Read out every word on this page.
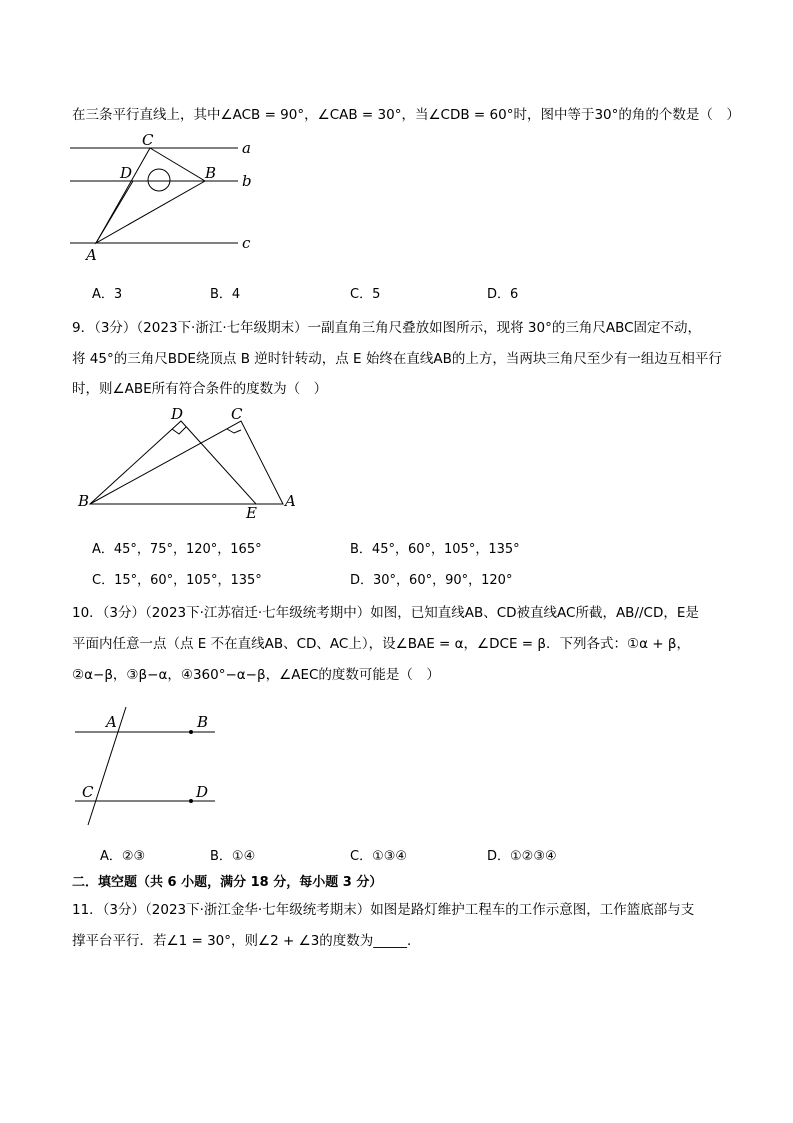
在三条平行直线上，其中∠ACB = 90°，∠CAB = 30°，当∠CDB = 60°时，图中等于30°的角的个数是（　）
C
D	B
A
a
b
c
A．3	B．4	C．5	D．6
9．（3分）（2023下·浙江·七年级期末）一副直角三角尺叠放如图所示，现将 30°的三角尺ABC固定不动，
将 45°的三角尺BDE绕顶点 B 逆时针转动，点 E 始终在直线AB的上方，当两块三角尺至少有一组边互相平行
时，则∠ABE所有符合条件的度数为（　）
D	C
B
E
A
A．45°，75°，120°，165°	B．45°，60°，105°，135°
C．15°，60°，105°，135°	D．30°，60°，90°，120°
10．（3分）（2023下·江苏宿迁·七年级统考期中）如图，已知直线AB、CD被直线AC所截，AB//CD，E是
平面内任意一点（点 E 不在直线AB、CD、AC上），设∠BAE = α，∠DCE = β．下列各式：①α + β，
②α−β，③β−α，④360°−α−β，∠AEC的度数可能是（　）
A	B
C	D
A．②③	B．①④	C．①③④	D．①②③④
二．填空题（共 6 小题，满分 18 分，每小题 3 分）
11．（3分）（2023下·浙江金华·七年级统考期末）如图是路灯维护工程车的工作示意图，工作篮底部与支
撑平台平行．若∠1 = 30°，则∠2 + ∠3的度数为_____．
